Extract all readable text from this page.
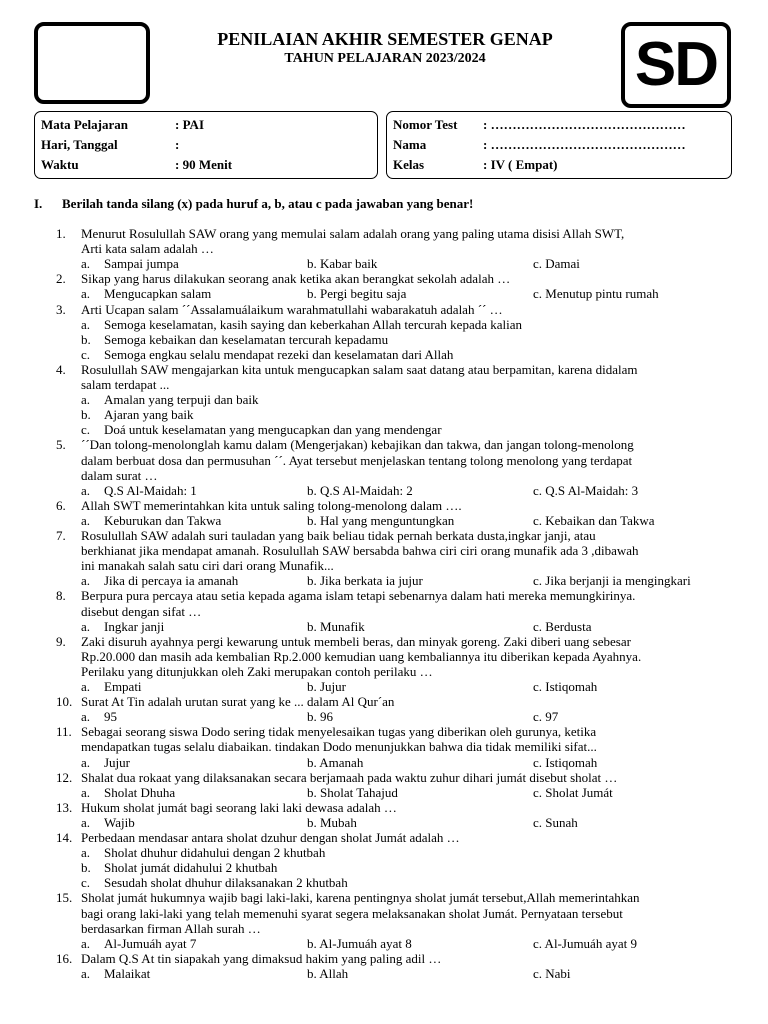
PENILAIAN AKHIR SEMESTER GENAP
TAHUN PELAJARAN 2023/2024	SD
Mata Pelajaran	: PAI
Hari, Tanggal	:
Waktu	: 90 Menit
Nomor Test : ………………………………………
Nama	: ………………………………………
Kelas	: IV ( Empat)
I. Berilah tanda silang (x) pada huruf a, b, atau c pada jawaban yang benar!
1. Menurut Rosulullah SAW orang yang memulai salam adalah orang yang paling utama disisi Allah SWT,
Arti kata salam adalah …
a. Sampai jumpa	b. Kabar baik	c. Damai
2. Sikap yang harus dilakukan seorang anak ketika akan berangkat sekolah adalah …
a. Mengucapkan salam	b. Pergi begitu saja	c. Menutup pintu rumah
3. Arti Ucapan salam ´´Assalamuálaikum warahmatullahi wabarakatuh adalah ´´ …
a. Semoga keselamatan, kasih saying dan keberkahan Allah tercurah kepada kalian
b. Semoga kebaikan dan keselamatan tercurah kepadamu
c. Semoga engkau selalu mendapat rezeki dan keselamatan dari Allah
4. Rosulullah SAW mengajarkan kita untuk mengucapkan salam saat datang atau berpamitan, karena didalam
salam terdapat ...
a. Amalan yang terpuji dan baik
b. Ajaran yang baik
c. Doá untuk keselamatan yang mengucapkan dan yang mendengar
5. ´´Dan tolong-menolonglah kamu dalam (Mengerjakan) kebajikan dan takwa, dan jangan tolong-menolong
dalam berbuat dosa dan permusuhan ´´. Ayat tersebut menjelaskan tentang tolong menolong yang terdapat
dalam surat …
a. Q.S Al-Maidah: 1	b. Q.S Al-Maidah: 2	c. Q.S Al-Maidah: 3
6. Allah SWT memerintahkan kita untuk saling tolong-menolong dalam ….
a. Keburukan dan Takwa	b. Hal yang menguntungkan	c. Kebaikan dan Takwa
7. Rosulullah SAW adalah suri tauladan yang baik beliau tidak pernah berkata dusta,ingkar janji, atau
berkhianat jika mendapat amanah. Rosulullah SAW bersabda bahwa ciri ciri orang munafik ada 3 ,dibawah
ini manakah salah satu ciri dari orang Munafik...
a. Jika di percaya ia amanah	b. Jika berkata ia jujur	c. Jika berjanji ia mengingkari
8. Berpura pura percaya atau setia kepada agama islam tetapi sebenarnya dalam hati mereka memungkirinya.
disebut dengan sifat …
a. Ingkar janji	b. Munafik	c. Berdusta
9. Zaki disuruh ayahnya pergi kewarung untuk membeli beras, dan minyak goreng. Zaki diberi uang sebesar
Rp.20.000 dan masih ada kembalian Rp.2.000 kemudian uang kembaliannya itu diberikan kepada Ayahnya.
Perilaku yang ditunjukkan oleh Zaki merupakan contoh perilaku …
a. Empati	b. Jujur	c. Istiqomah
10. Surat At Tin adalah urutan surat yang ke ... dalam Al Qur´an
a. 95	b. 96	c. 97
11. Sebagai seorang siswa Dodo sering tidak menyelesaikan tugas yang diberikan oleh gurunya, ketika
mendapatkan tugas selalu diabaikan. tindakan Dodo menunjukkan bahwa dia tidak memiliki sifat...
a. Jujur	b. Amanah	c. Istiqomah
12. Shalat dua rokaat yang dilaksanakan secara berjamaah pada waktu zuhur dihari jumát disebut sholat …
a. Sholat Dhuha	b. Sholat Tahajud	c. Sholat Jumát
13. Hukum sholat jumát bagi seorang laki laki dewasa adalah …
a. Wajib	b. Mubah	c. Sunah
14. Perbedaan mendasar antara sholat dzuhur dengan sholat Jumát adalah …
a. Sholat dhuhur didahului dengan 2 khutbah
b. Sholat jumát didahului 2 khutbah
c. Sesudah sholat dhuhur dilaksanakan 2 khutbah
15. Sholat jumát hukumnya wajib bagi laki-laki, karena pentingnya sholat jumát tersebut,Allah memerintahkan
bagi orang laki-laki yang telah memenuhi syarat segera melaksanakan sholat Jumát. Pernyataan tersebut
berdasarkan firman Allah surah …
a. Al-Jumuáh ayat 7	b. Al-Jumuáh ayat 8	c. Al-Jumuáh ayat 9
16. Dalam Q.S At tin siapakah yang dimaksud hakim yang paling adil …
a. Malaikat	b. Allah	c. Nabi
